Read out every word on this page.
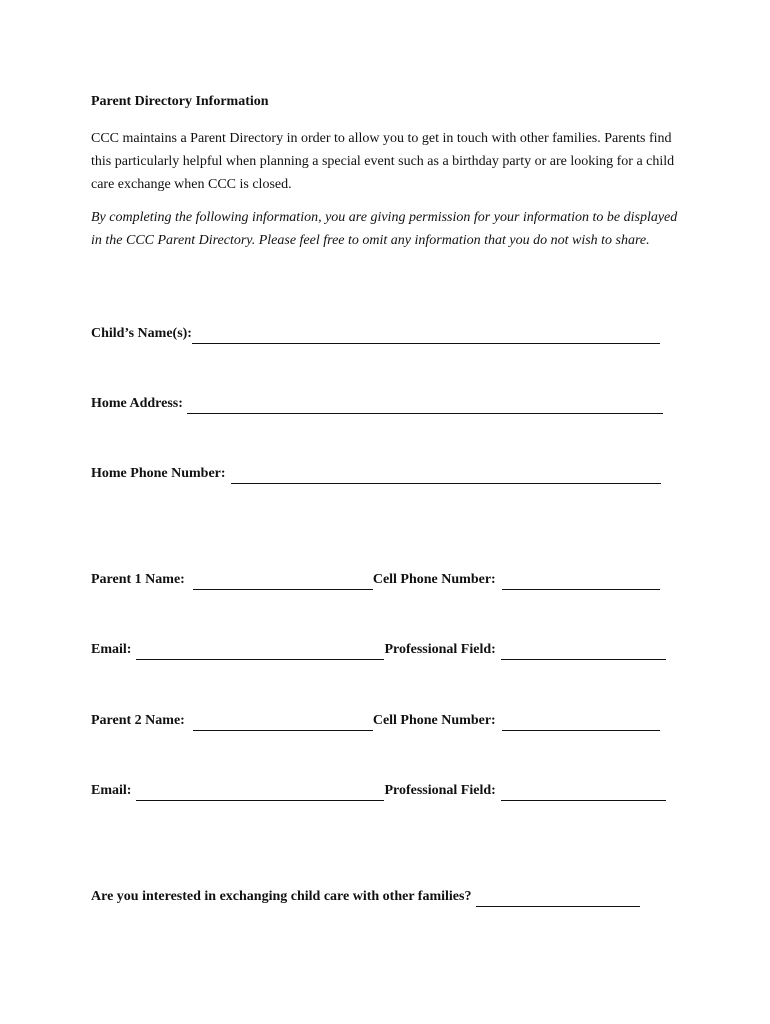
Parent Directory Information

CCC maintains a Parent Directory in order to allow you to get in touch with other families. Parents find this particularly helpful when planning a special event such as a birthday party or are looking for a child care exchange when CCC is closed.

By completing the following information, you are giving permission for your information to be displayed in the CCC Parent Directory. Please feel free to omit any information that you do not wish to share.

Child’s Name(s):
Home Address:
Home Phone Number:
Parent 1 Name:	Cell Phone Number:
Email:	Professional Field:
Parent 2 Name:	Cell Phone Number:
Email:	Professional Field:
Are you interested in exchanging child care with other families?
